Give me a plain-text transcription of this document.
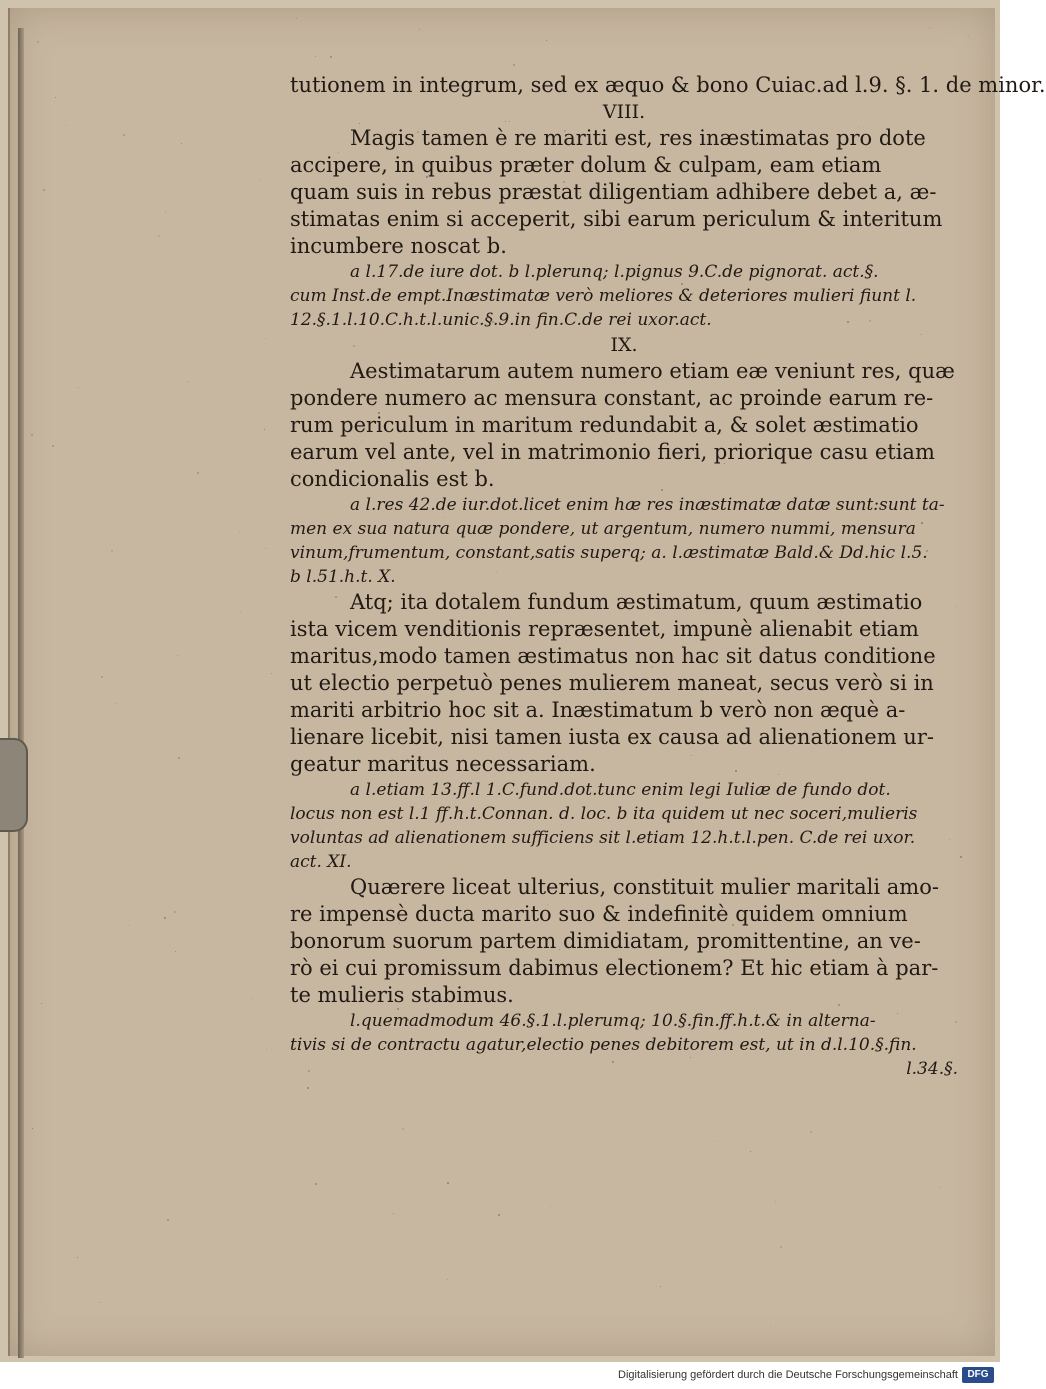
tutionem in integrum, sed ex æquo & bono Cuiac.ad l.9. §. 1. de minor.
VIII.
Magis tamen è re mariti est, res inæstimatas pro dote
accipere, in quibus præter dolum & culpam, eam etiam
quam suis in rebus præstat diligentiam adhibere debet a, æ-
stimatas enim si acceperit, sibi earum periculum & interitum
incumbere noscat b.
a l.17.de iure dot. b l.plerunq; l.pignus 9.C.de pignorat. act.§.
cum Inst.de empt.Inæstimatæ verò meliores & deteriores mulieri fiunt l.
12.§.1.l.10.C.h.t.l.unic.§.9.in fin.C.de rei uxor.act.
IX.
Aestimatarum autem numero etiam eæ veniunt res, quæ
pondere numero ac mensura constant, ac proinde earum re-
rum periculum in maritum redundabit a, & solet æstimatio
earum vel ante, vel in matrimonio fieri, priorique casu etiam
condicionalis est b.
a l.res 42.de iur.dot.licet enim hæ res inæstimatæ datæ sunt:sunt ta-
men ex sua natura quæ pondere, ut argentum, numero nummi, mensura
vinum,frumentum, constant,satis superq; a. l.æstimatæ Bald.& Dd.hic l.5.
b l.51.h.t. X.
Atq; ita dotalem fundum æstimatum, quum æstimatio
ista vicem venditionis repræsentet, impunè alienabit etiam
maritus,modo tamen æstimatus non hac sit datus conditione
ut electio perpetuò penes mulierem maneat, secus verò si in
mariti arbitrio hoc sit a. Inæstimatum b verò non æquè a-
lienare licebit, nisi tamen iusta ex causa ad alienationem ur-
geatur maritus necessariam.
a l.etiam 13.ff.l 1.C.fund.dot.tunc enim legi Iuliæ de fundo dot.
locus non est l.1 ff.h.t.Connan. d. loc. b ita quidem ut nec soceri,mulieris
voluntas ad alienationem sufficiens sit l.etiam 12.h.t.l.pen. C.de rei uxor.
act. XI.
Quærere liceat ulterius, constituit mulier maritali amo-
re impensè ducta marito suo & indefinitè quidem omnium
bonorum suorum partem dimidiatam, promittentine, an ve-
rò ei cui promissum dabimus electionem? Et hic etiam à par-
te mulieris stabimus.
l.quemadmodum 46.§.1.l.plerumq; 10.§.fin.ff.h.t.& in alterna-
tivis si de contractu agatur,electio penes debitorem est, ut in d.l.10.§.fin.
l.34.§.
Digitalisierung gefördert durch die Deutsche Forschungsgemeinschaft DFG
